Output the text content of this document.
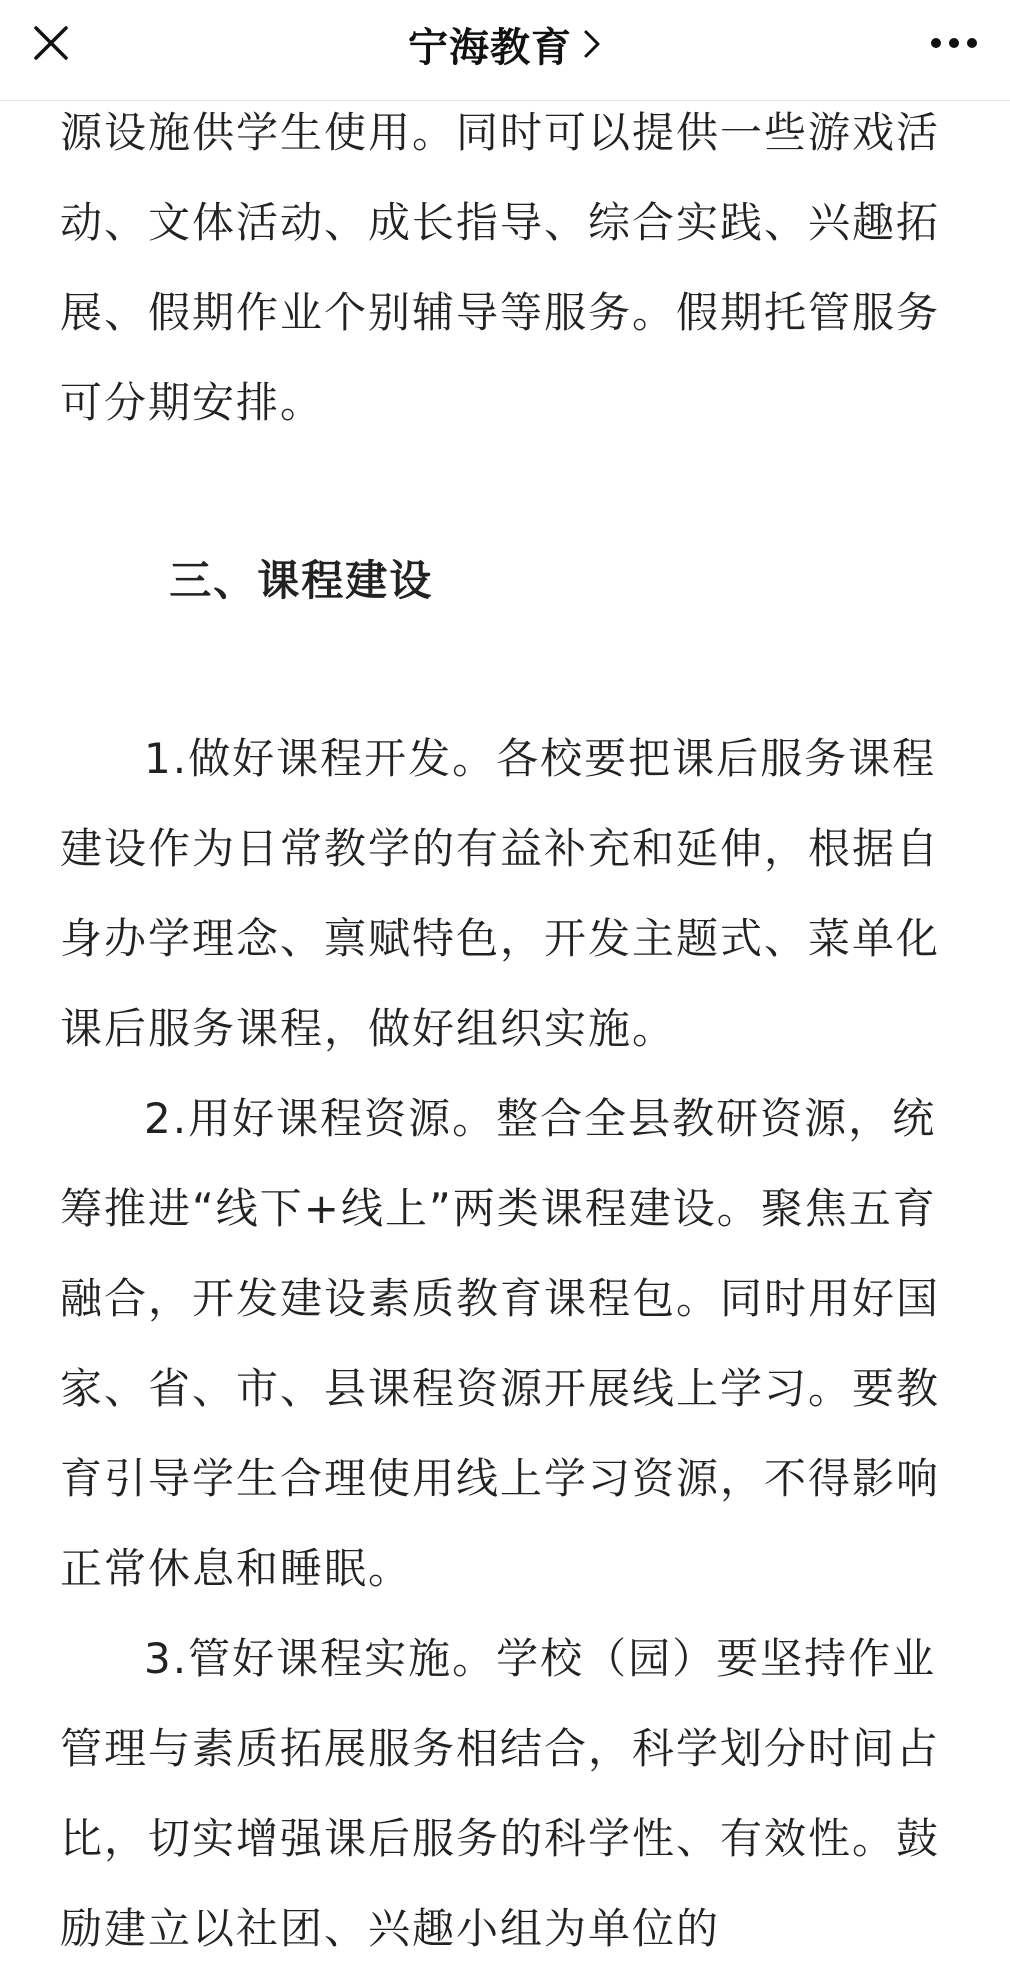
宁海教育

源设施供学生使用。同时可以提供一些游戏活动、文体活动、成长指导、综合实践、兴趣拓展、假期作业个别辅导等服务。假期托管服务可分期安排。

三、课程建设

1.做好课程开发。各校要把课后服务课程建设作为日常教学的有益补充和延伸，根据自身办学理念、禀赋特色，开发主题式、菜单化课后服务课程，做好组织实施。

2.用好课程资源。整合全县教研资源，统筹推进“线下+线上”两类课程建设。聚焦五育融合，开发建设素质教育课程包。同时用好国家、省、市、县课程资源开展线上学习。要教育引导学生合理使用线上学习资源，不得影响正常休息和睡眠。

3.管好课程实施。学校（园）要坚持作业管理与素质拓展服务相结合，科学划分时间占比，切实增强课后服务的科学性、有效性。鼓励建立以社团、兴趣小组为单位的
